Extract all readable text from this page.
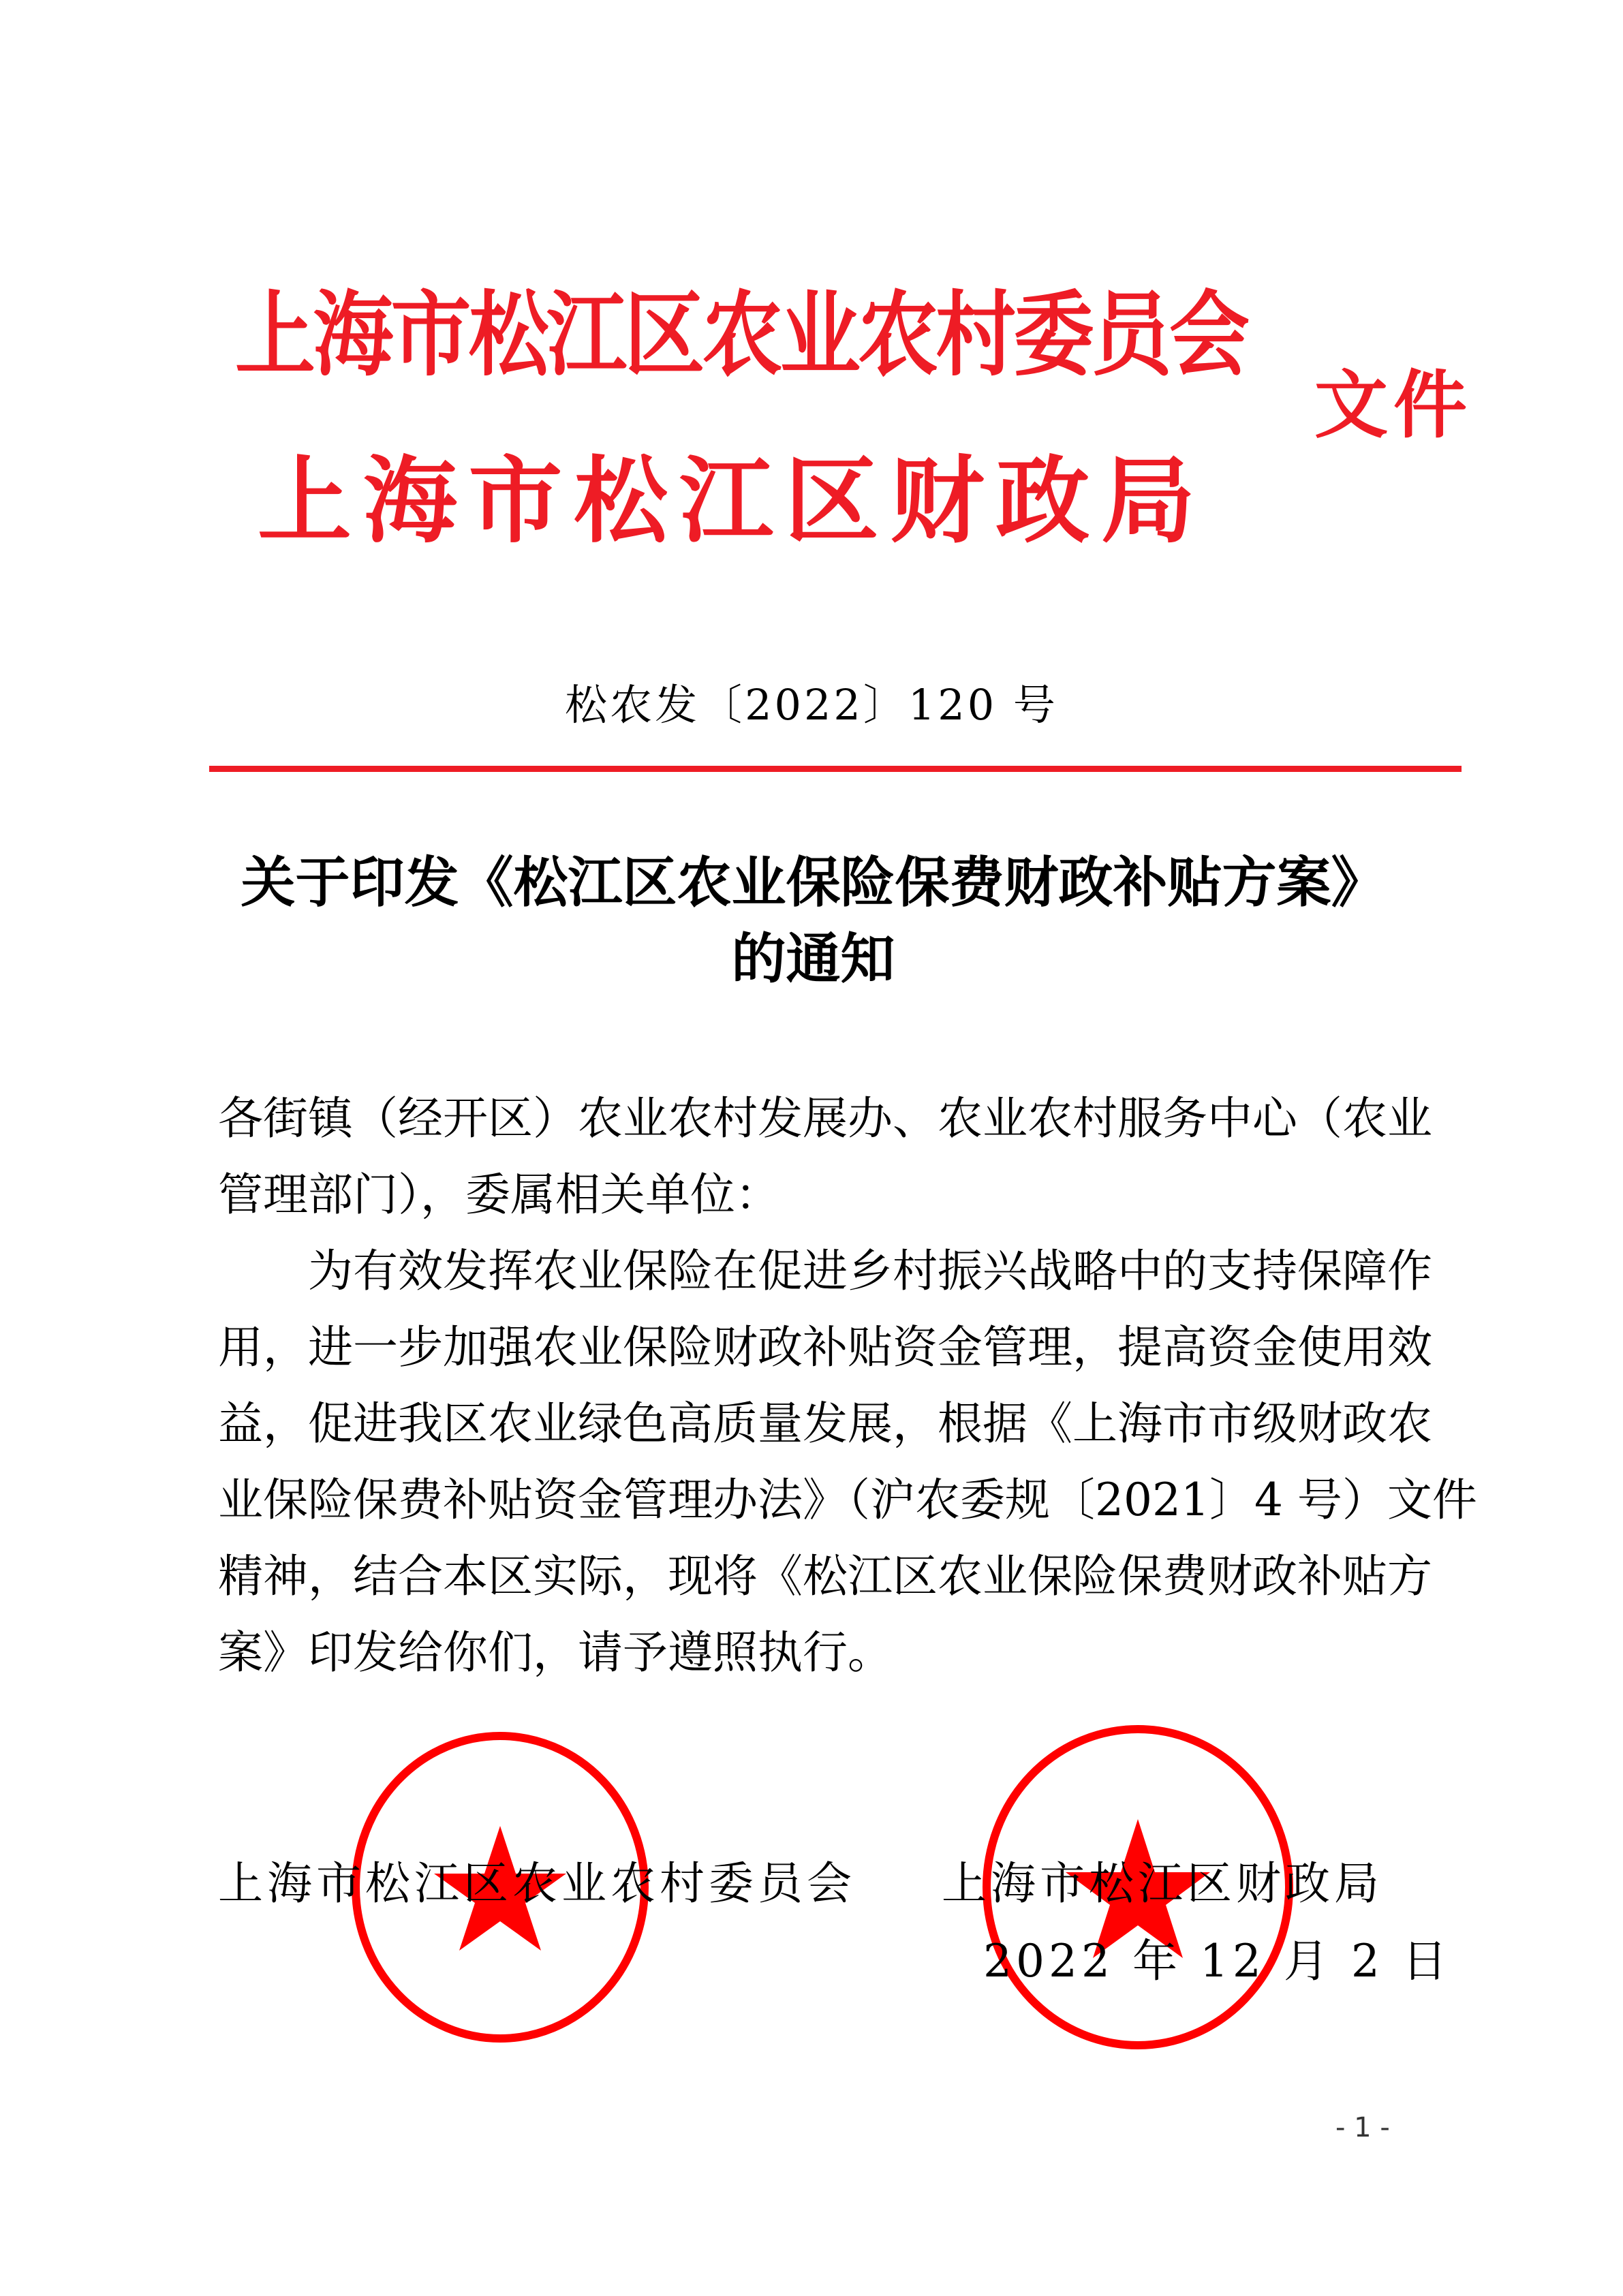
上海市松江区农业农村委员会
上海市松江区财政局
文件
松农发〔2022〕120 号
关于印发《松江区农业保险保费财政补贴方案》
的通知
各街镇（经开区）农业农村发展办、农业农村服务中心（农业
管理部门），委属相关单位：
　　为有效发挥农业保险在促进乡村振兴战略中的支持保障作
用，进一步加强农业保险财政补贴资金管理，提高资金使用效
益，促进我区农业绿色高质量发展，根据《上海市市级财政农
业保险保费补贴资金管理办法》（沪农委规〔2021〕4 号）文件
精神，结合本区实际，现将《松江区农业保险保费财政补贴方
案》印发给你们，请予遵照执行。
上海市松江区农业农村委员会 上海市松江区财政局
2022 年 12 月 2 日
- 1 -
